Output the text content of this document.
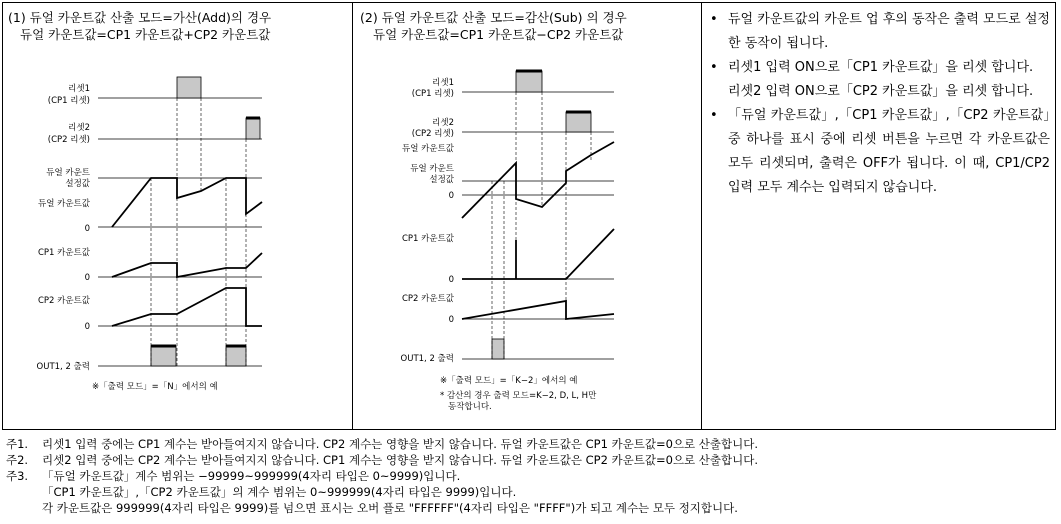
(1) 듀얼 카운트값 산출 모드=가산(Add)의 경우
듀얼 카운트값=CP1 카운트값+CP2 카운트값
리셋1
(CP1 리셋)
리셋2
(CP2 리셋)
듀얼 카운트
설정값
듀얼 카운트값
0
CP1 카운트값
0
CP2 카운트값
0
OUT1, 2 출력
※「출력 모드」=「N」에서의 예
(2) 듀얼 카운트값 산출 모드=감산(Sub) 의 경우
듀얼 카운트값=CP1 카운트값−CP2 카운트값
리셋1
(CP1 리셋)
리셋2
(CP2 리셋)
듀얼 카운트값
듀얼 카운트
설정값
0
CP1 카운트값
0
CP2 카운트값
0
OUT1, 2 출력
※「출력 모드」=「K−2」에서의 예
* 감산의 경우 출력 모드=K−2, D, L, H만
동작합니다.
• 듀얼 카운트값의 카운트 업 후의 동작은 출력 모드로 설정한 동작이 됩니다.
• 리셋1 입력 ON으로「CP1 카운트값」을 리셋 합니다.
리셋2 입력 ON으로「CP2 카운트값」을 리셋 합니다.
• 「듀얼 카운트값」,「CP1 카운트값」,「CP2 카운트값」중 하나를 표시 중에 리셋 버튼을 누르면 각 카운트값은 모두 리셋되며, 출력은 OFF가 됩니다. 이 때, CP1/CP2 입력 모두 계수는 입력되지 않습니다.
주1.	리셋1 입력 중에는 CP1 계수는 받아들여지지 않습니다. CP2 계수는 영향을 받지 않습니다. 듀얼 카운트값은 CP1 카운트값=0으로 산출합니다.
주2.	리셋2 입력 중에는 CP2 계수는 받아들여지지 않습니다. CP1 계수는 영향을 받지 않습니다. 듀얼 카운트값은 CP2 카운트값=0으로 산출합니다.
주3.	「듀얼 카운트값」계수 범위는 −99999~999999(4자리 타입은 0~9999)입니다.
「CP1 카운트값」,「CP2 카운트값」의 계수 범위는 0~999999(4자리 타입은 9999)입니다.
각 카운트값은 999999(4자리 타입은 9999)를 넘으면 표시는 오버 플로 "FFFFFF"(4자리 타입은 "FFFF")가 되고 계수는 모두 정지합니다.
